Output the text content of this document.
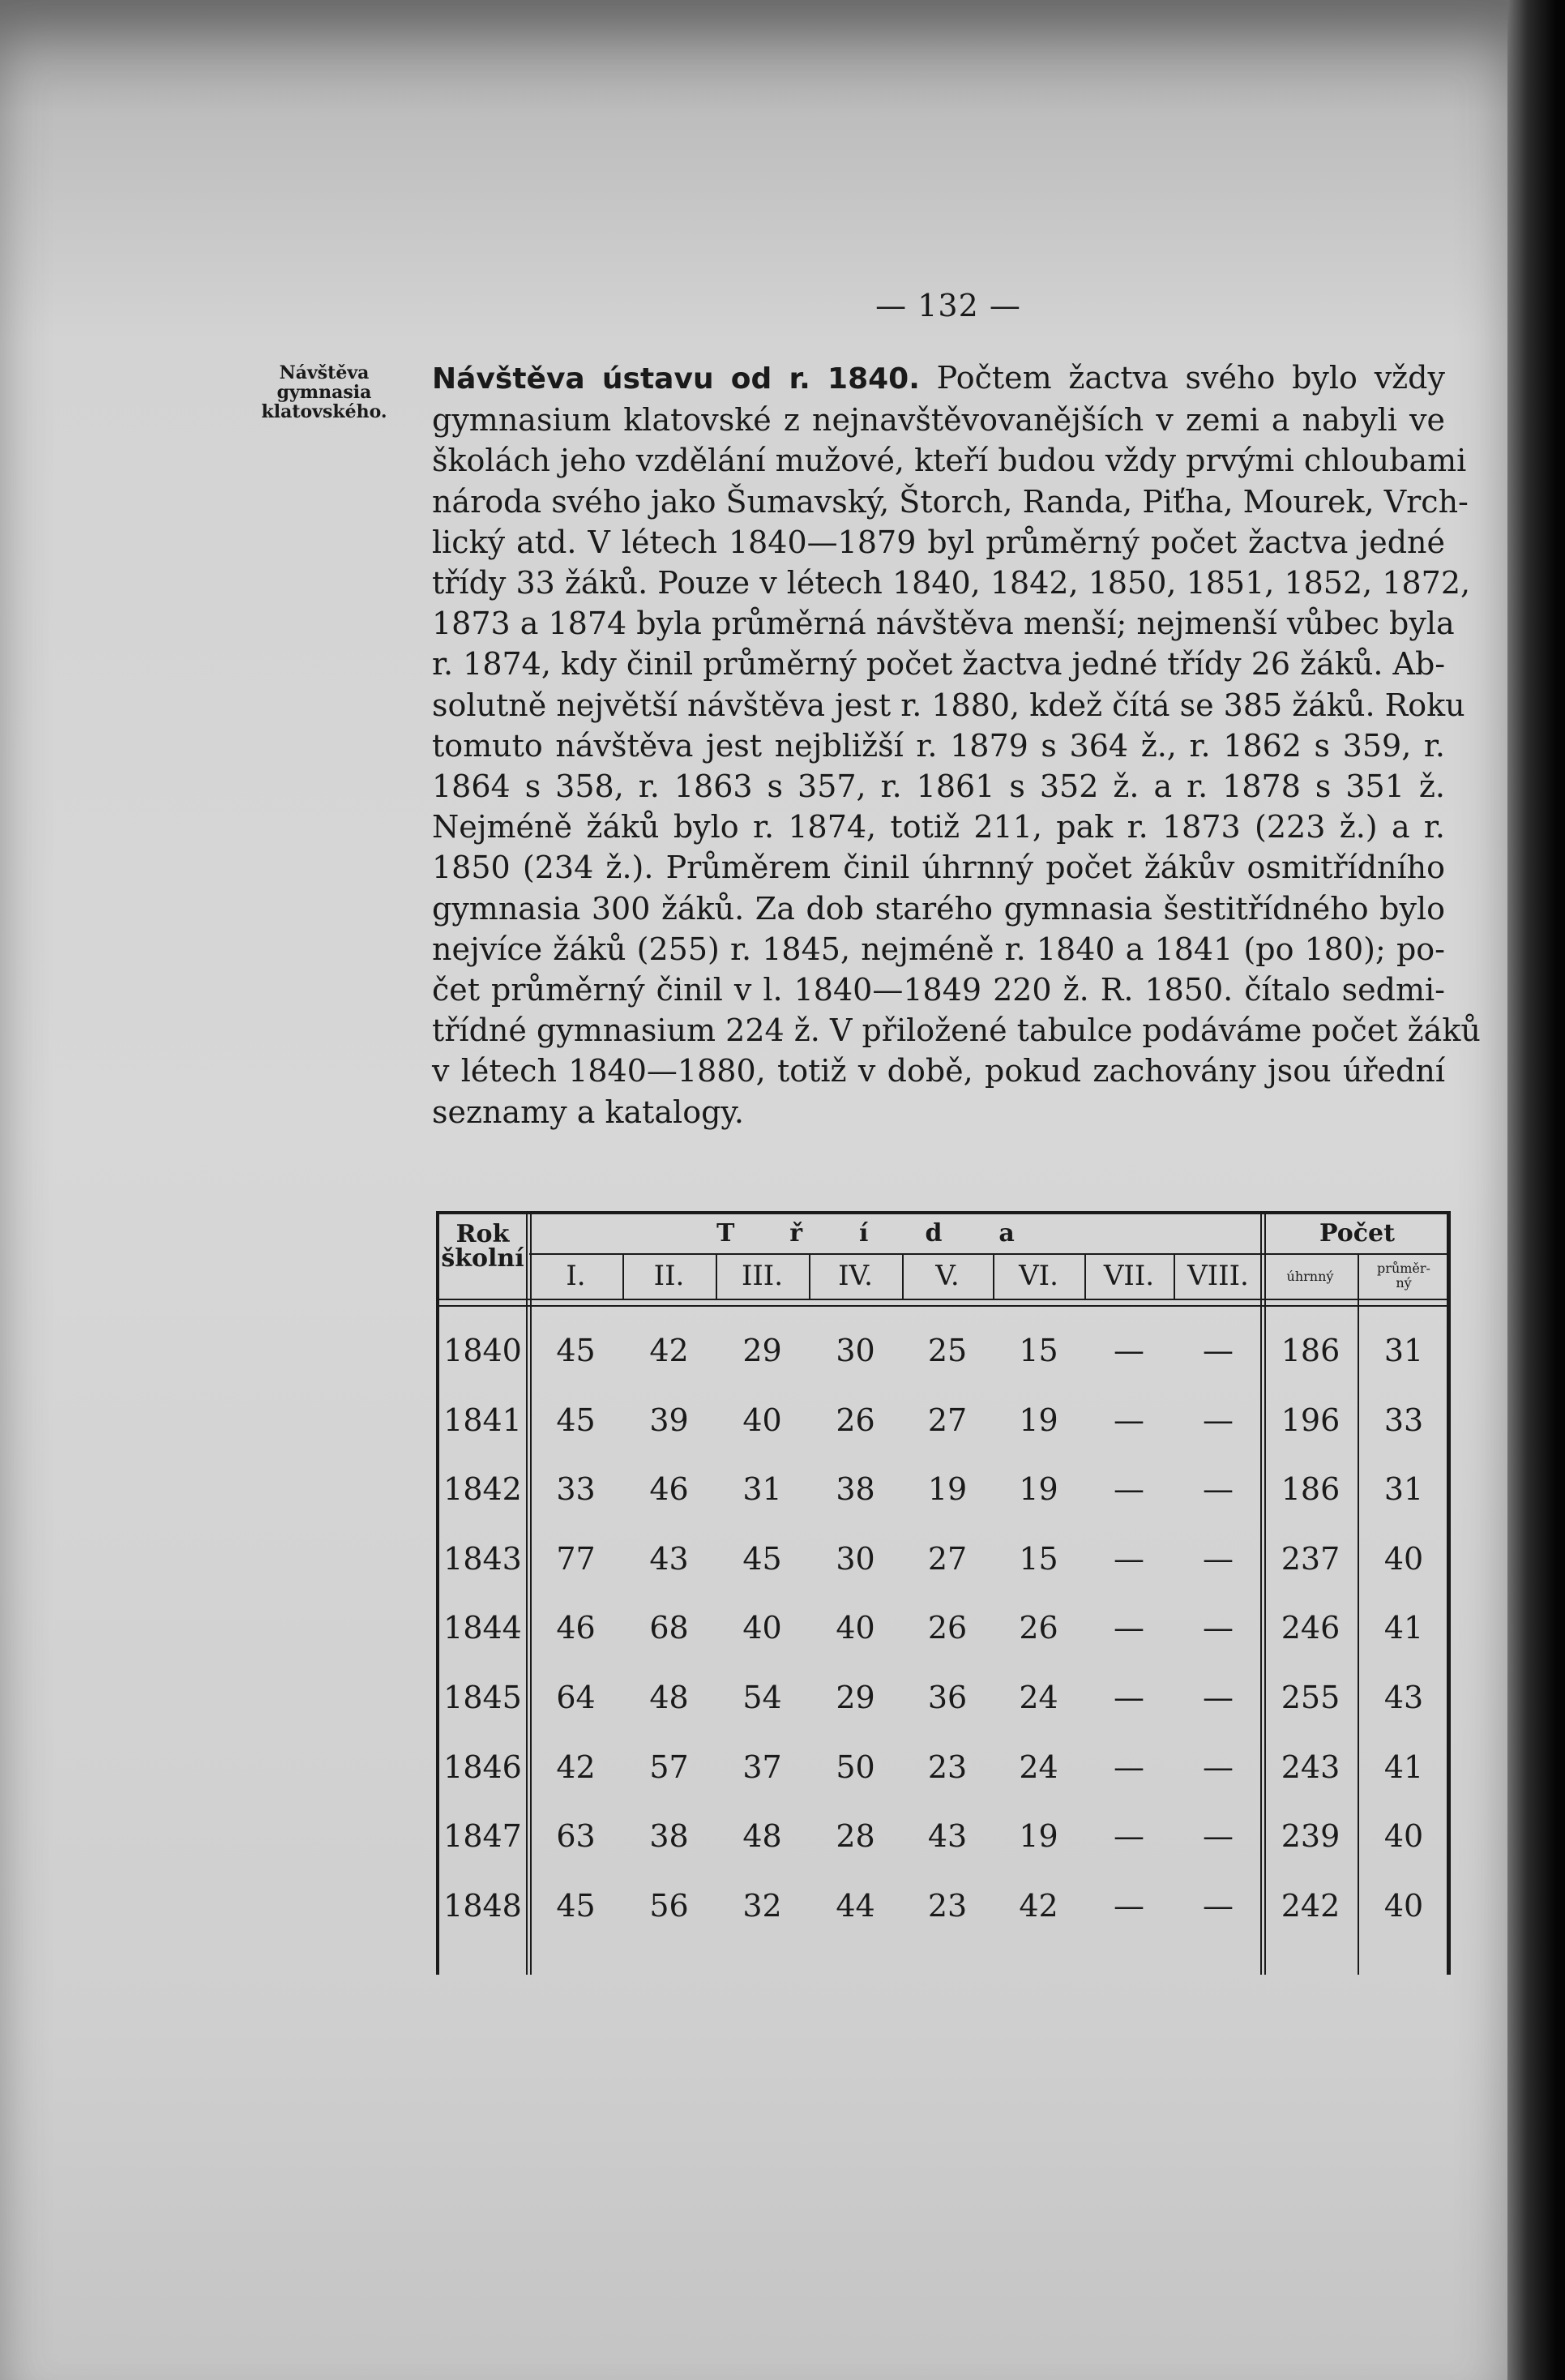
— 132 —
Návštěva
gymnasia
klatovského.
Návštěva ústavu od r. 1840. Počtem žactva svého bylo vždy
gymnasium klatovské z nejnavštěvovanějších v zemi a nabyli ve
školách jeho vzdělání mužové, kteří budou vždy prvými chloubami
národa svého jako Šumavský, Štorch, Randa, Piťha, Mourek, Vrch-
lický atd. V létech 1840—1879 byl průměrný počet žactva jedné
třídy 33 žáků. Pouze v létech 1840, 1842, 1850, 1851, 1852, 1872,
1873 a 1874 byla průměrná návštěva menší; nejmenší vůbec byla
r. 1874, kdy činil průměrný počet žactva jedné třídy 26 žáků. Ab-
solutně největší návštěva jest r. 1880, kdež čítá se 385 žáků. Roku
tomuto návštěva jest nejbližší r. 1879 s 364 ž., r. 1862 s 359, r.
1864 s 358, r. 1863 s 357, r. 1861 s 352 ž. a r. 1878 s 351 ž.
Nejméně žáků bylo r. 1874, totiž 211, pak r. 1873 (223 ž.) a r.
1850 (234 ž.). Průměrem činil úhrnný počet žákův osmitřídního
gymnasia 300 žáků. Za dob starého gymnasia šestitřídného bylo
nejvíce žáků (255) r. 1845, nejméně r. 1840 a 1841 (po 180); po-
čet průměrný činil v l. 1840—1849 220 ž. R. 1850. čítalo sedmi-
třídné gymnasium 224 ž. V přiložené tabulce podáváme počet žáků
v létech 1840—1880, totiž v době, pokud zachovány jsou úřední
seznamy a katalogy.
Rok
školní
Třída	Počet
I.	II.	III.	IV.	V.	VI.	VII.	VIII.	úhrnný
průměr-
ný
1840	45	42	29	30	25	15	—	—	186	31
1841	45	39	40	26	27	19	—	—	196	33
1842	33	46	31	38	19	19	—	—	186	31
1843	77	43	45	30	27	15	—	—	237	40
1844	46	68	40	40	26	26	—	—	246	41
1845	64	48	54	29	36	24	—	—	255	43
1846	42	57	37	50	23	24	—	—	243	41
1847	63	38	48	28	43	19	—	—	239	40
1848	45	56	32	44	23	42	—	—	242	40
